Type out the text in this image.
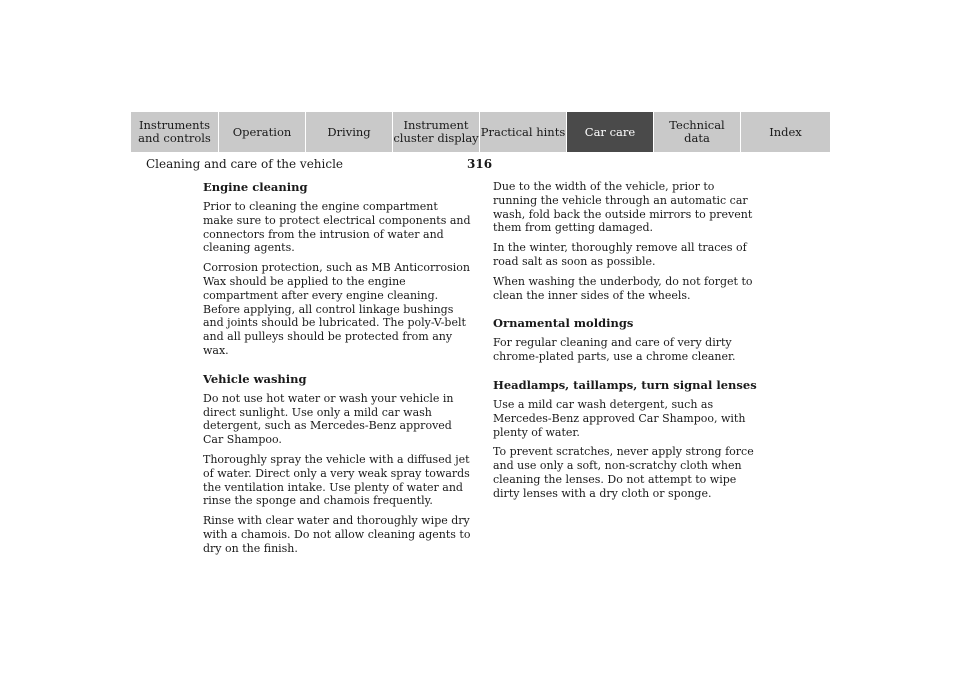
Instruments
and controls	Operation	Driving	Instrument
cluster display Practical hints	Car care	Technical
data	Index
Cleaning and care of the vehicle	316
Engine cleaning

Prior to cleaning the engine compartment make sure to protect electrical components and connectors from the intrusion of water and cleaning agents.

Corrosion protection, such as MB Anticorrosion Wax should be applied to the engine compartment after every engine cleaning. Before applying, all control linkage bushings and joints should be lubricated. The poly-V-belt and all pulleys should be protected from any wax.

Vehicle washing

Do not use hot water or wash your vehicle in direct sunlight. Use only a mild car wash detergent, such as Mercedes-Benz approved Car Shampoo.

Thoroughly spray the vehicle with a diffused jet of water. Direct only a very weak spray towards the ventilation intake. Use plenty of water and rinse the sponge and chamois frequently.

Rinse with clear water and thoroughly wipe dry with a chamois. Do not allow cleaning agents to dry on the finish.

Due to the width of the vehicle, prior to running the vehicle through an automatic car wash, fold back the outside mirrors to prevent them from getting damaged.

In the winter, thoroughly remove all traces of road salt as soon as possible.

When washing the underbody, do not forget to clean the inner sides of the wheels.

Ornamental moldings

For regular cleaning and care of very dirty chrome-plated parts, use a chrome cleaner.

Headlamps, taillamps, turn signal lenses

Use a mild car wash detergent, such as Mercedes-Benz approved Car Shampoo, with plenty of water.

To prevent scratches, never apply strong force and use only a soft, non-scratchy cloth when cleaning the lenses. Do not attempt to wipe dirty lenses with a dry cloth or sponge.
